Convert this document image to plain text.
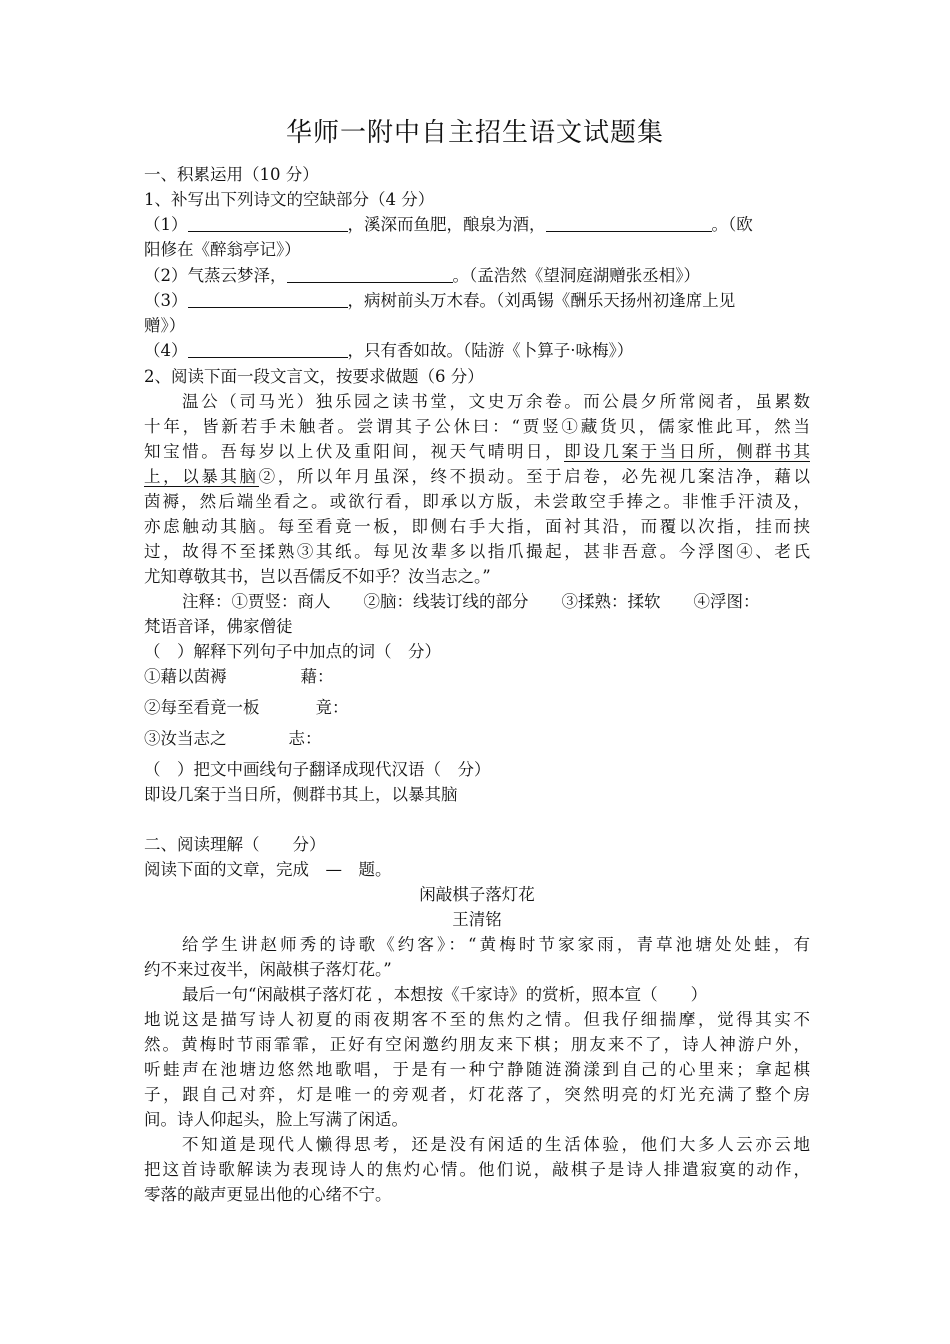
华师一附中自主招生语文试题集
一、积累运用（10 分）
1、补写出下列诗文的空缺部分（4 分）
（1）	，溪深而鱼肥，酿泉为酒，	。（欧
阳修在《醉翁亭记》）
（2）气蒸云梦泽，	。（孟浩然《望洞庭湖赠张丞相》）
（3）	，病树前头万木春。（刘禹锡《酬乐天扬州初逢席上见
赠》）
（4）	，只有香如故。（陆游《卜算子·咏梅》）
2、阅读下面一段文言文，按要求做题（6 分）
温公（司马光）独乐园之读书堂，文史万余卷。而公晨夕所常阅者，虽累数
十年，皆新若手未触者。尝谓其子公休曰：“贾竖①藏货贝，儒家惟此耳，然当
知宝惜。吾每岁以上伏及重阳间，视天气晴明日，即设几案于当日所，侧群书其
上，以暴其脑②，所以年月虽深，终不损动。至于启卷，必先视几案洁净，藉以
茵褥，然后端坐看之。或欲行看，即承以方版，未尝敢空手捧之。非惟手汗渍及，
亦虑触动其脑。每至看竟一板，即侧右手大指，面衬其沿，而覆以次指，挂而挟
过，故得不至揉熟③其纸。每见汝辈多以指爪撮起，甚非吾意。今浮图④、老氏
尤知尊敬其书，岂以吾儒反不如乎？汝当志之。”
注释：①贾竖：商人　　②脑：线装订线的部分　　③揉熟：揉软　　④浮图：
梵语音译，佛家僧徒
（　）解释下列句子中加点的词（　分）
①藉以茵褥	藉：
②每至看竟一板	竟：
③汝当志之	志：
（　）把文中画线句子翻译成现代汉语（　分）
即设几案于当日所，侧群书其上，以暴其脑
二、阅读理解（　　分）
阅读下面的文章，完成　—　题。
闲敲棋子落灯花
王清铭
给学生讲赵师秀的诗歌《约客》：“黄梅时节家家雨，青草池塘处处蛙，有
约不来过夜半，闲敲棋子落灯花。”
最后一句“闲敲棋子落灯花 ，本想按《千家诗》的赏析，照本宣（　　）
地说这是描写诗人初夏的雨夜期客不至的焦灼之情。但我仔细揣摩，觉得其实不
然。黄梅时节雨霏霏，正好有空闲邀约朋友来下棋；朋友来不了，诗人神游户外，
听蛙声在池塘边悠然地歌唱，于是有一种宁静随涟漪漾到自己的心里来；拿起棋
子，跟自己对弈，灯是唯一的旁观者，灯花落了，突然明亮的灯光充满了整个房
间。诗人仰起头，脸上写满了闲适。
不知道是现代人懒得思考，还是没有闲适的生活体验，他们大多人云亦云地
把这首诗歌解读为表现诗人的焦灼心情。他们说，敲棋子是诗人排遣寂寞的动作，
零落的敲声更显出他的心绪不宁。
